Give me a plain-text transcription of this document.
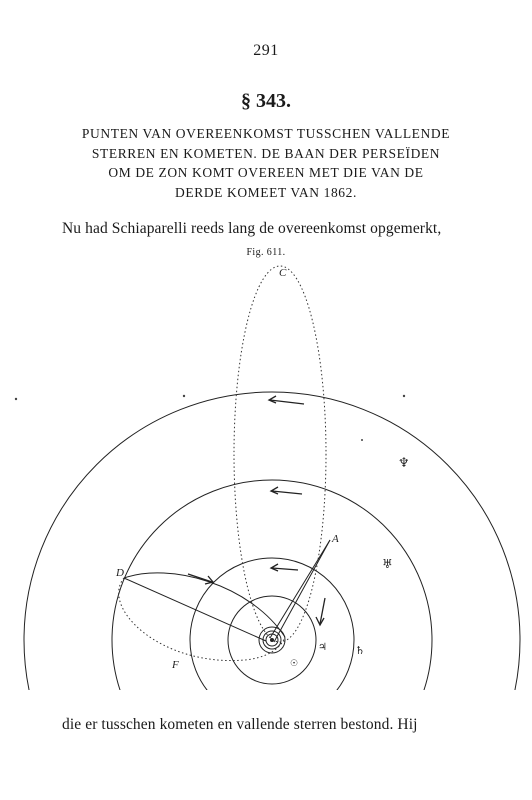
291
§ 343.
PUNTEN VAN OVEREENKOMST TUSSCHEN VALLENDE
STERREN EN KOMETEN. DE BAAN DER PERSEÏDEN
OM DE ZON KOMT OVEREEN MET DIE VAN DE
DERDE KOMEET VAN 1862.
Nu had Schiaparelli reeds lang de overeenkomst opgemerkt,
Fig. 611.
C
A
D
F
♆
♅
♄
♃
☉
die er tusschen kometen en vallende sterren bestond. Hij
